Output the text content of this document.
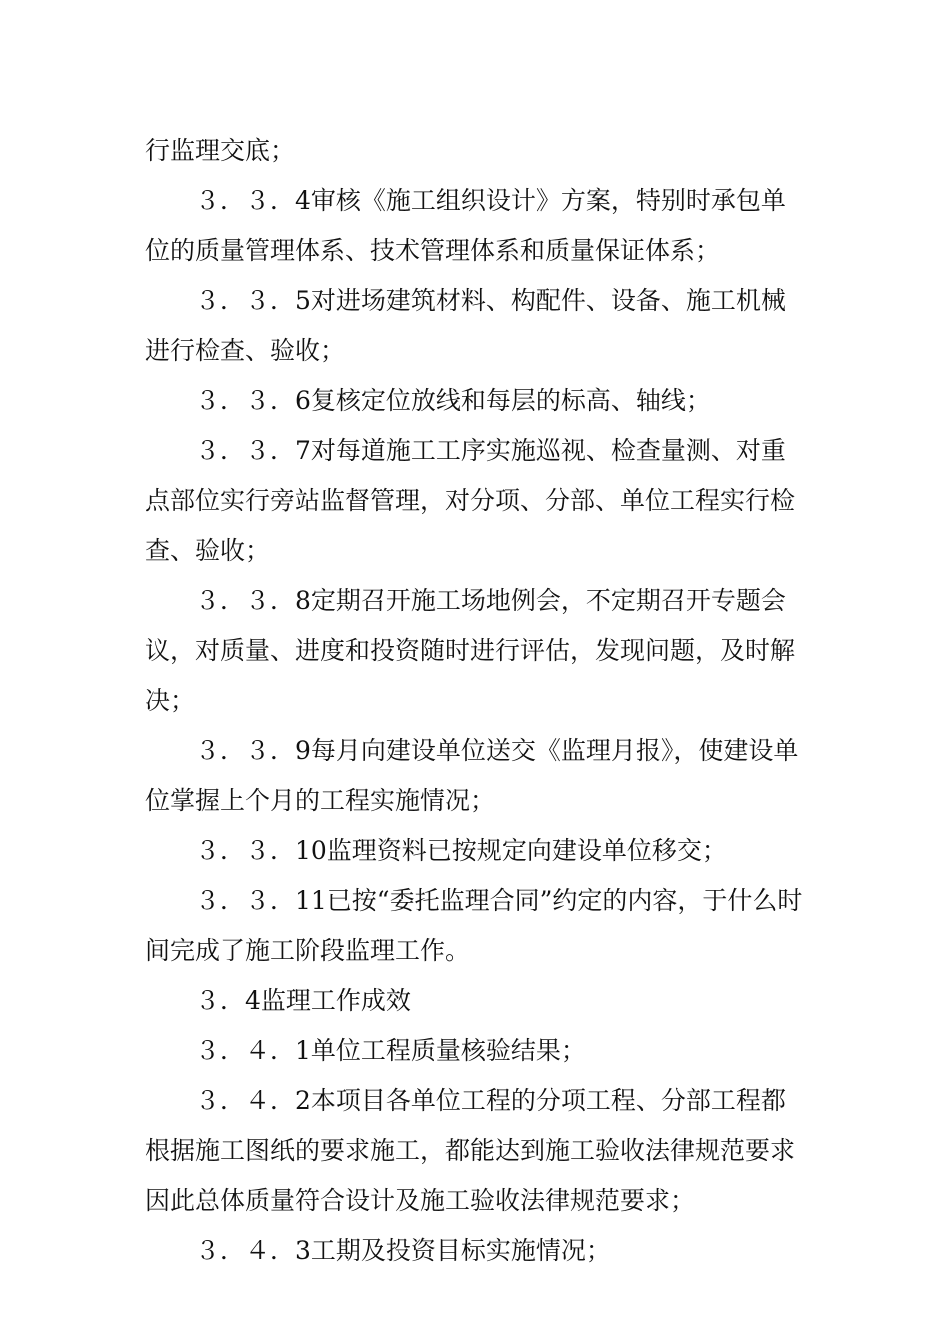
行监理交底；

３．３．4审核《施工组织设计》方案，特别时承包单位的质量管理体系、技术管理体系和质量保证体系；

３．３．5对进场建筑材料、构配件、设备、施工机械进行检查、验收；

３．３．6复核定位放线和每层的标高、轴线；

３．３．7对每道施工工序实施巡视、检查量测、对重点部位实行旁站监督管理，对分项、分部、单位工程实行检查、验收；

３．３．8定期召开施工场地例会，不定期召开专题会议，对质量、进度和投资随时进行评估，发现问题，及时解决；

３．３．9每月向建设单位送交《监理月报》，使建设单位掌握上个月的工程实施情况；

３．３．10监理资料已按规定向建设单位移交；

３．３．11已按“委托监理合同”约定的内容，于什么时间完成了施工阶段监理工作。

３．4监理工作成效

３．４．1单位工程质量核验结果；

３．４．2本项目各单位工程的分项工程、分部工程都根据施工图纸的要求施工，都能达到施工验收法律规范要求因此总体质量符合设计及施工验收法律规范要求；

３．４．3工期及投资目标实施情况；
